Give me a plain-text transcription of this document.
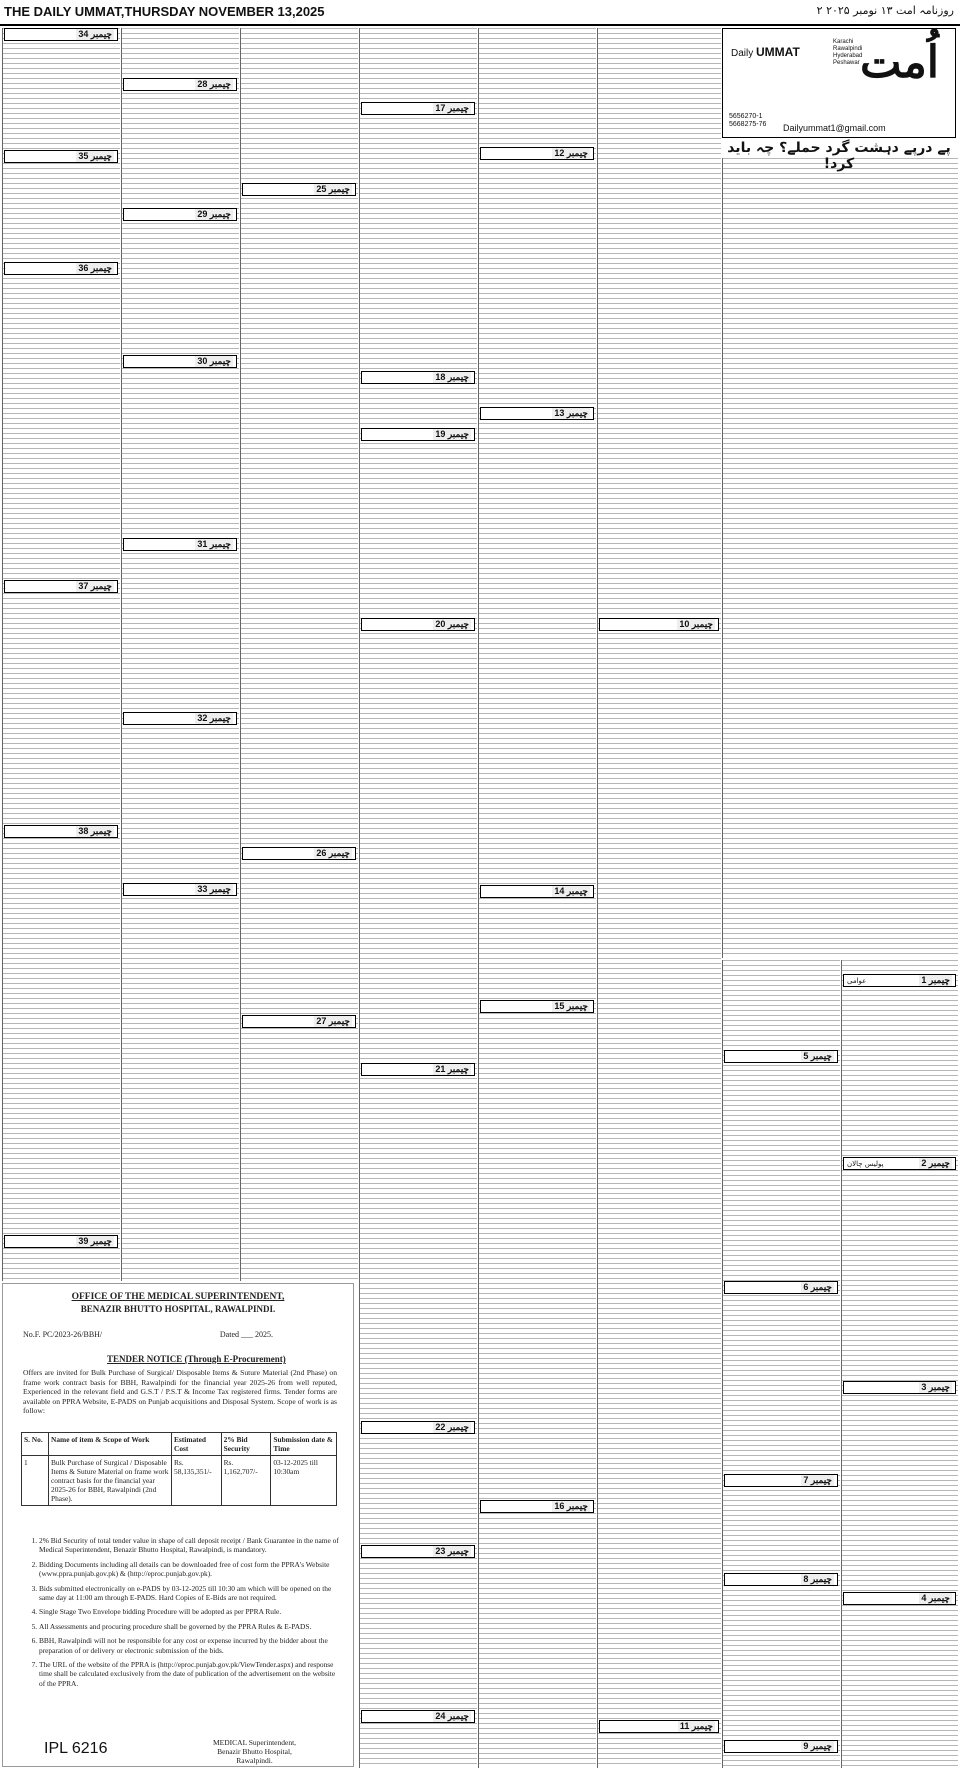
THE DAILY UMMAT,THURSDAY NOVEMBER 13,2025	روزنامہ امت ۱۳ نومبر ۲۰۲۵ ۲
اُمت
Daily UMMAT
Karachi
Rawalpindi
Hyderabad
Peshawar
5656270-1
5668275-76 Dailyummat1@gmail.com
پے درپے دہشت گرد حملے؟ چہ باید کرد!
عوامی	چیمبر 1
پولیس چالان	چیمبر 2
چیمبر 3
چیمبر 4
چیمبر 5
چیمبر 6
چیمبر 7
چیمبر 8
چیمبر 9
چیمبر 10
چیمبر 11
چیمبر 12
چیمبر 13
چیمبر 14
چیمبر 15
چیمبر 16
چیمبر 17
چیمبر 18
چیمبر 19
چیمبر 20
چیمبر 21
چیمبر 22
چیمبر 23
چیمبر 24
چیمبر 25
چیمبر 26
چیمبر 27
چیمبر 28
چیمبر 29
چیمبر 30
چیمبر 31
چیمبر 32
چیمبر 33
چیمبر 34
چیمبر 35
چیمبر 36
چیمبر 37
چیمبر 38
چیمبر 39
OFFICE OF THE MEDICAL SUPERINTENDENT,
BENAZIR BHUTTO HOSPITAL, RAWALPINDI.
No.F. PC/2023-26/BBH/	Dated ___ 2025.
TENDER NOTICE (Through E-Procurement)
Offers are invited for Bulk Purchase of Surgical/ Disposable Items & Suture Material (2nd Phase) on frame work contract basis for BBH, Rawalpindi for the financial year 2025-26 from well reputed, Experienced in the relevant field and G.S.T / P.S.T & Income Tax registered firms. Tender forms are available on PPRA Website, E-PADS on Punjab acquisitions and Disposal System. Scope of work is as follow:
S. No.	Name of item & Scope of Work	Estimated Cost	2% Bid Security	Submission date & Time
1	Bulk Purchase of Surgical / Disposable Items & Suture Material on frame work contract basis for the financial year 2025-26 for BBH, Rawalpindi (2nd Phase).	Rs. 58,135,351/-	Rs. 1,162,707/-	03-12-2025 till 10:30am
1. 2% Bid Security of total tender value in shape of call deposit receipt / Bank Guarantee in the name of Medical Superintendent, Benazir Bhutto Hospital, Rawalpindi, is mandatory.
2. Bidding Documents including all details can be downloaded free of cost form the PPRA's Website (www.ppra.punjab.gov.pk) & (http://eproc.punjab.gov.pk).
3. Bids submitted electronically on e-PADS by 03-12-2025 till 10:30 am which will be opened on the same day at 11:00 am through E-PADS. Hard Copies of E-Bids are not required.
4. Single Stage Two Envelope bidding Procedure will be adopted as per PPRA Rule.
5. All Assessments and procuring procedure shall be governed by the PPRA Rules & E-PADS.
6. BBH, Rawalpindi will not be responsible for any cost or expense incurred by the bidder about the preparation of or delivery or electronic submission of the bids.
7. The URL of the website of the PPRA is (http://eproc.punjab.gov.pk/ViewTender.aspx) and response time shall be calculated exclusively from the date of publication of the advertisement on the website of the PPRA.
MEDICAL Superintendent,
Benazir Bhutto Hospital,
Rawalpindi.
IPL 6216
